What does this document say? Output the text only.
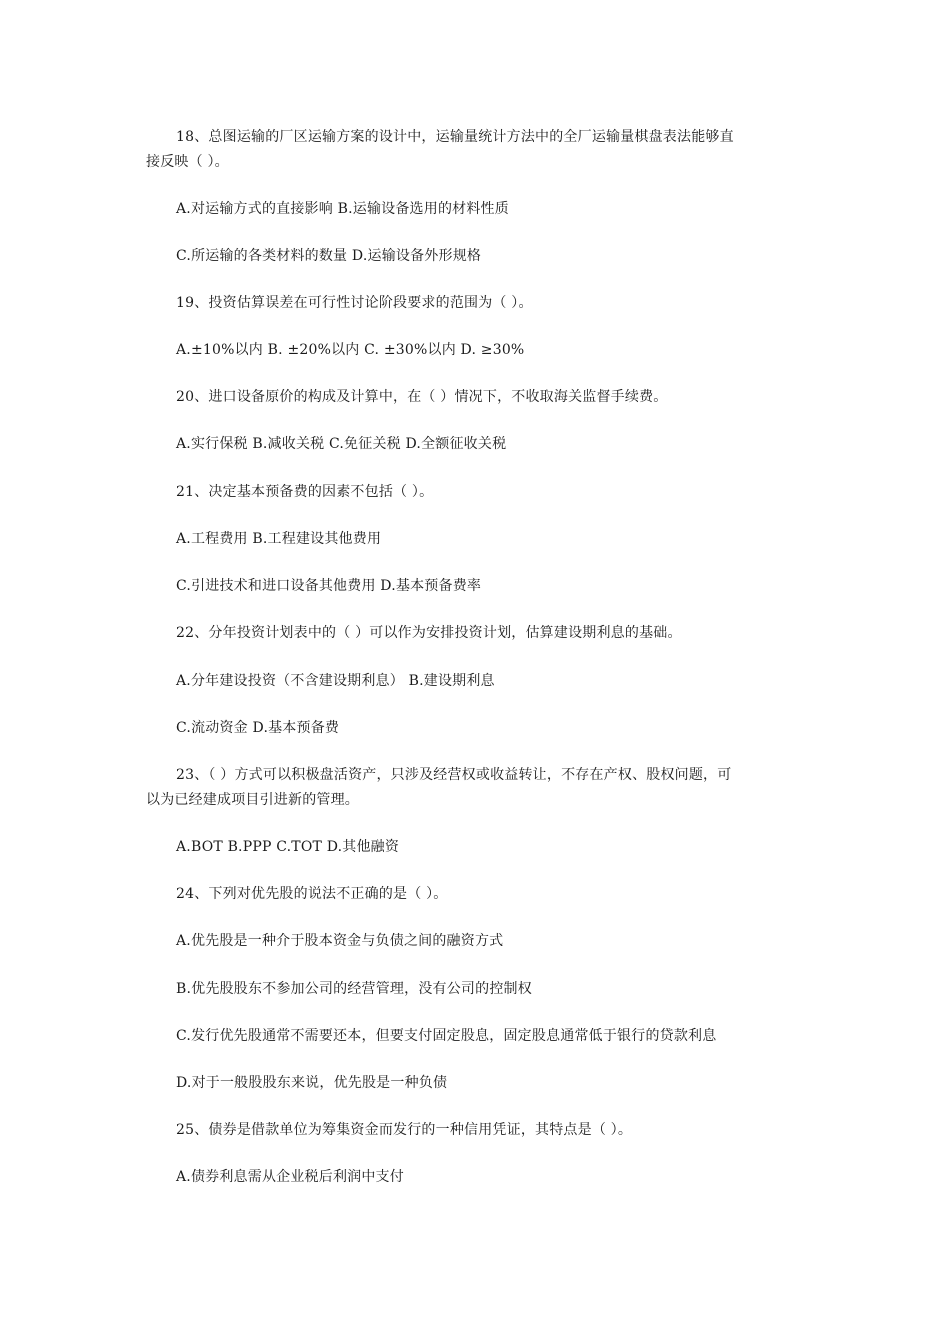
18、总图运输的厂区运输方案的设计中，运输量统计方法中的全厂运输量棋盘表法能够直
接反映（ ）。
A.对运输方式的直接影响 B.运输设备选用的材料性质
C.所运输的各类材料的数量 D.运输设备外形规格
19、投资估算误差在可行性讨论阶段要求的范围为（ ）。
A.±10%以内 B. ±20%以内 C. ±30%以内 D. ≥30%
20、进口设备原价的构成及计算中，在（ ）情况下，不收取海关监督手续费。
A.实行保税 B.减收关税 C.免征关税 D.全额征收关税
21、决定基本预备费的因素不包括（ ）。
A.工程费用 B.工程建设其他费用
C.引进技术和进口设备其他费用 D.基本预备费率
22、分年投资计划表中的（ ）可以作为安排投资计划，估算建设期利息的基础。
A.分年建设投资（不含建设期利息） B.建设期利息
C.流动资金 D.基本预备费
23、（ ）方式可以积极盘活资产，只涉及经营权或收益转让，不存在产权、股权问题，可
以为已经建成项目引进新的管理。
A.BOT B.PPP C.TOT D.其他融资
24、下列对优先股的说法不正确的是（ ）。
A.优先股是一种介于股本资金与负债之间的融资方式
B.优先股股东不参加公司的经营管理，没有公司的控制权
C.发行优先股通常不需要还本，但要支付固定股息，固定股息通常低于银行的贷款利息
D.对于一般股股东来说，优先股是一种负债
25、债券是借款单位为筹集资金而发行的一种信用凭证，其特点是（ ）。
A.债券利息需从企业税后利润中支付
